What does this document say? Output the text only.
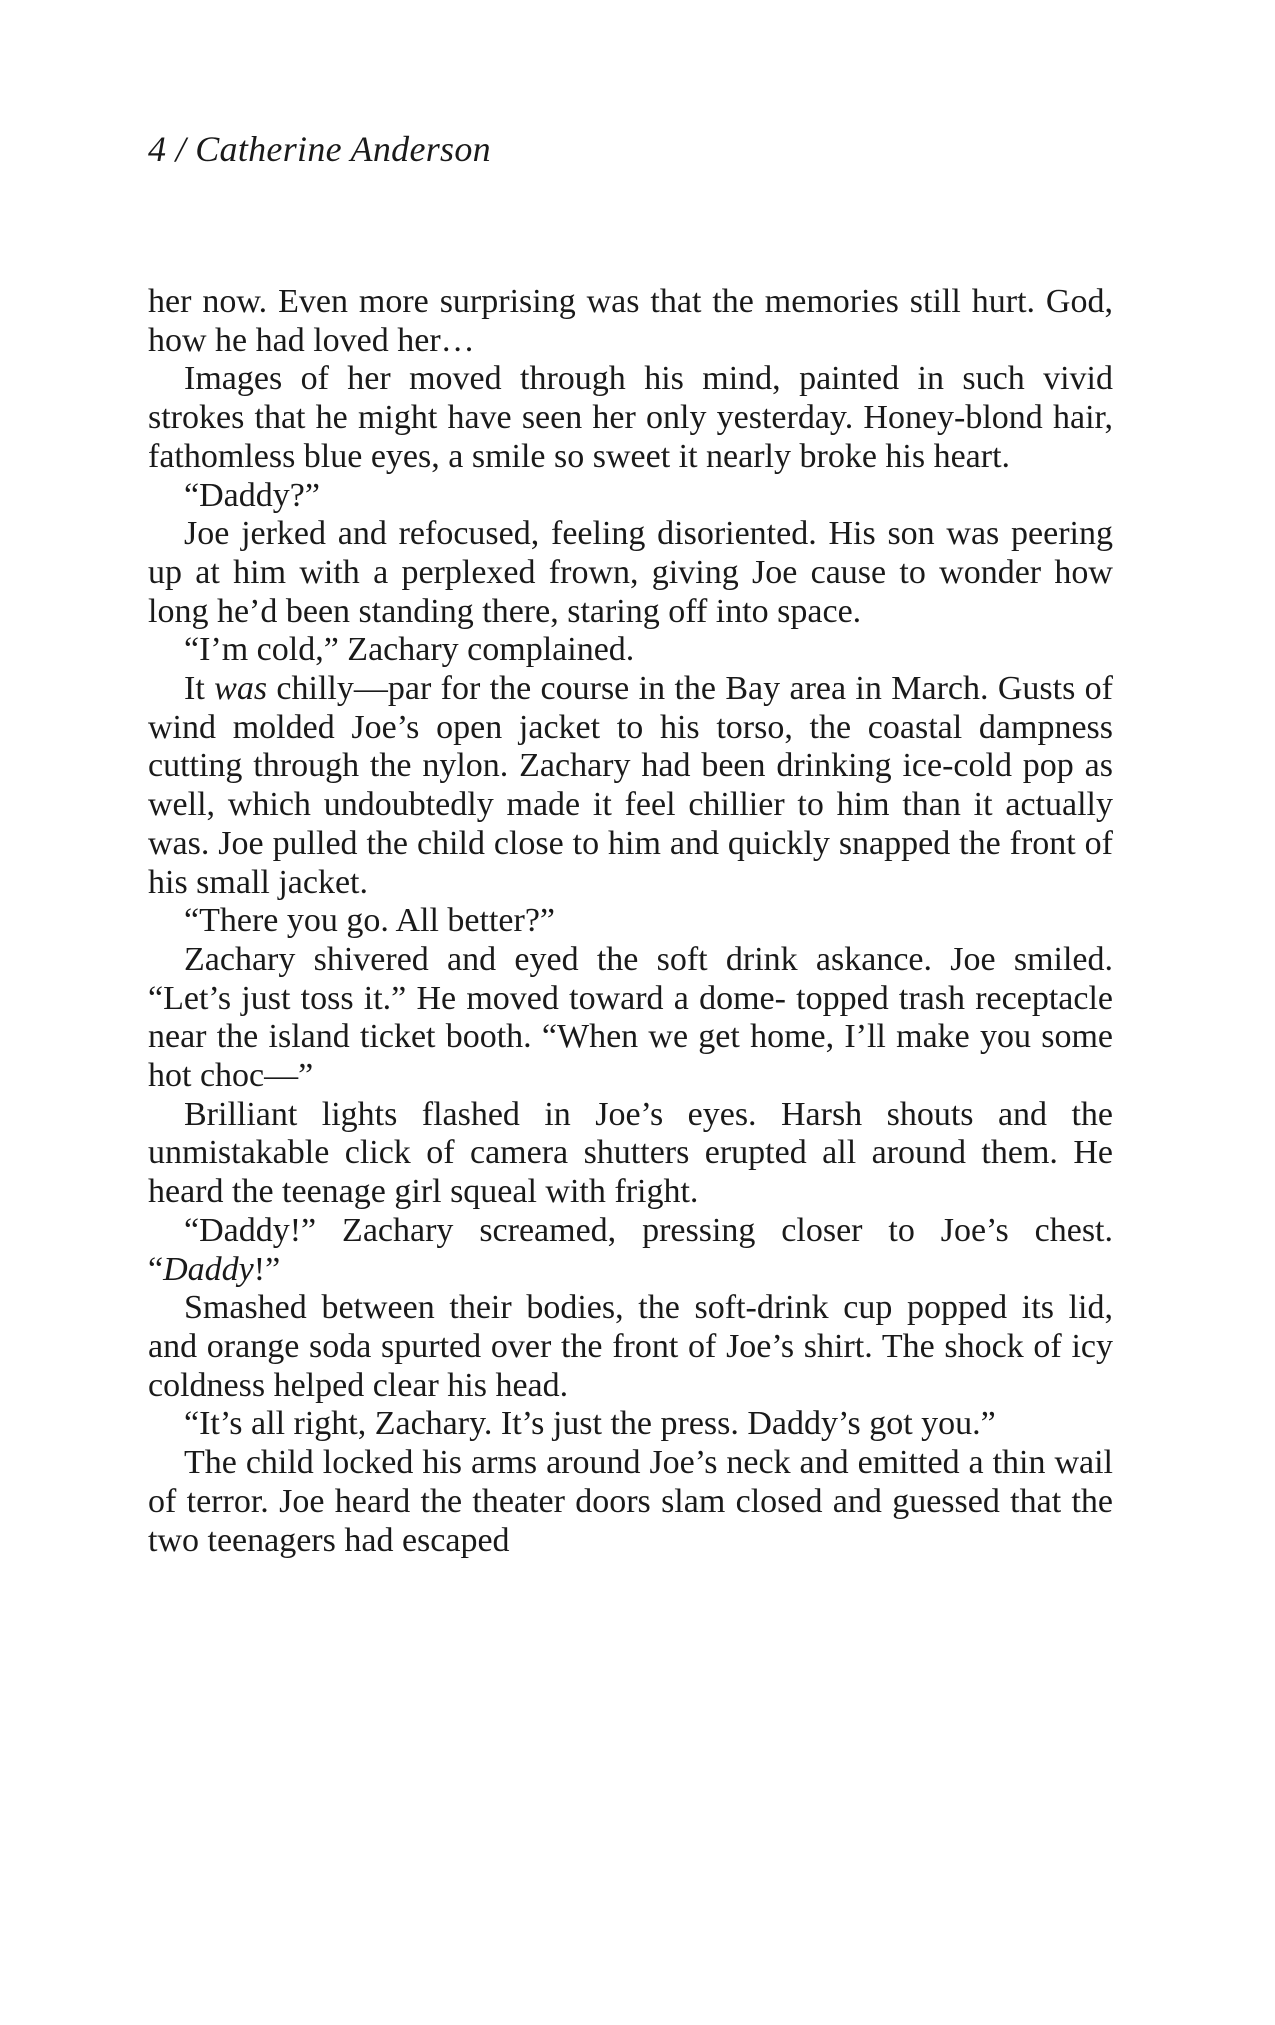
4 / Catherine Anderson

her now. Even more surprising was that the memories still hurt. God, how he had loved her…

Images of her moved through his mind, painted in such vivid strokes that he might have seen her only yesterday. Honey-blond hair, fathomless blue eyes, a smile so sweet it nearly broke his heart.

“Daddy?”

Joe jerked and refocused, feeling disoriented. His son was peering up at him with a perplexed frown, giving Joe cause to wonder how long he’d been standing there, staring off into space.

“I’m cold,” Zachary complained.

It was chilly—par for the course in the Bay area in March. Gusts of wind molded Joe’s open jacket to his torso, the coastal dampness cutting through the nylon. Zachary had been drinking ice-cold pop as well, which undoubtedly made it feel chillier to him than it actually was. Joe pulled the child close to him and quickly snapped the front of his small jacket.

“There you go. All better?”

Zachary shivered and eyed the soft drink askance. Joe smiled. “Let’s just toss it.” He moved toward a dome- topped trash receptacle near the island ticket booth. “When we get home, I’ll make you some hot choc—”

Brilliant lights flashed in Joe’s eyes. Harsh shouts and the unmistakable click of camera shutters erupted all around them. He heard the teenage girl squeal with fright.

“Daddy!” Zachary screamed, pressing closer to Joe’s chest. “Daddy!”

Smashed between their bodies, the soft-drink cup popped its lid, and orange soda spurted over the front of Joe’s shirt. The shock of icy coldness helped clear his head.

“It’s all right, Zachary. It’s just the press. Daddy’s got you.”

The child locked his arms around Joe’s neck and emitted a thin wail of terror. Joe heard the theater doors slam closed and guessed that the two teenagers had escaped
